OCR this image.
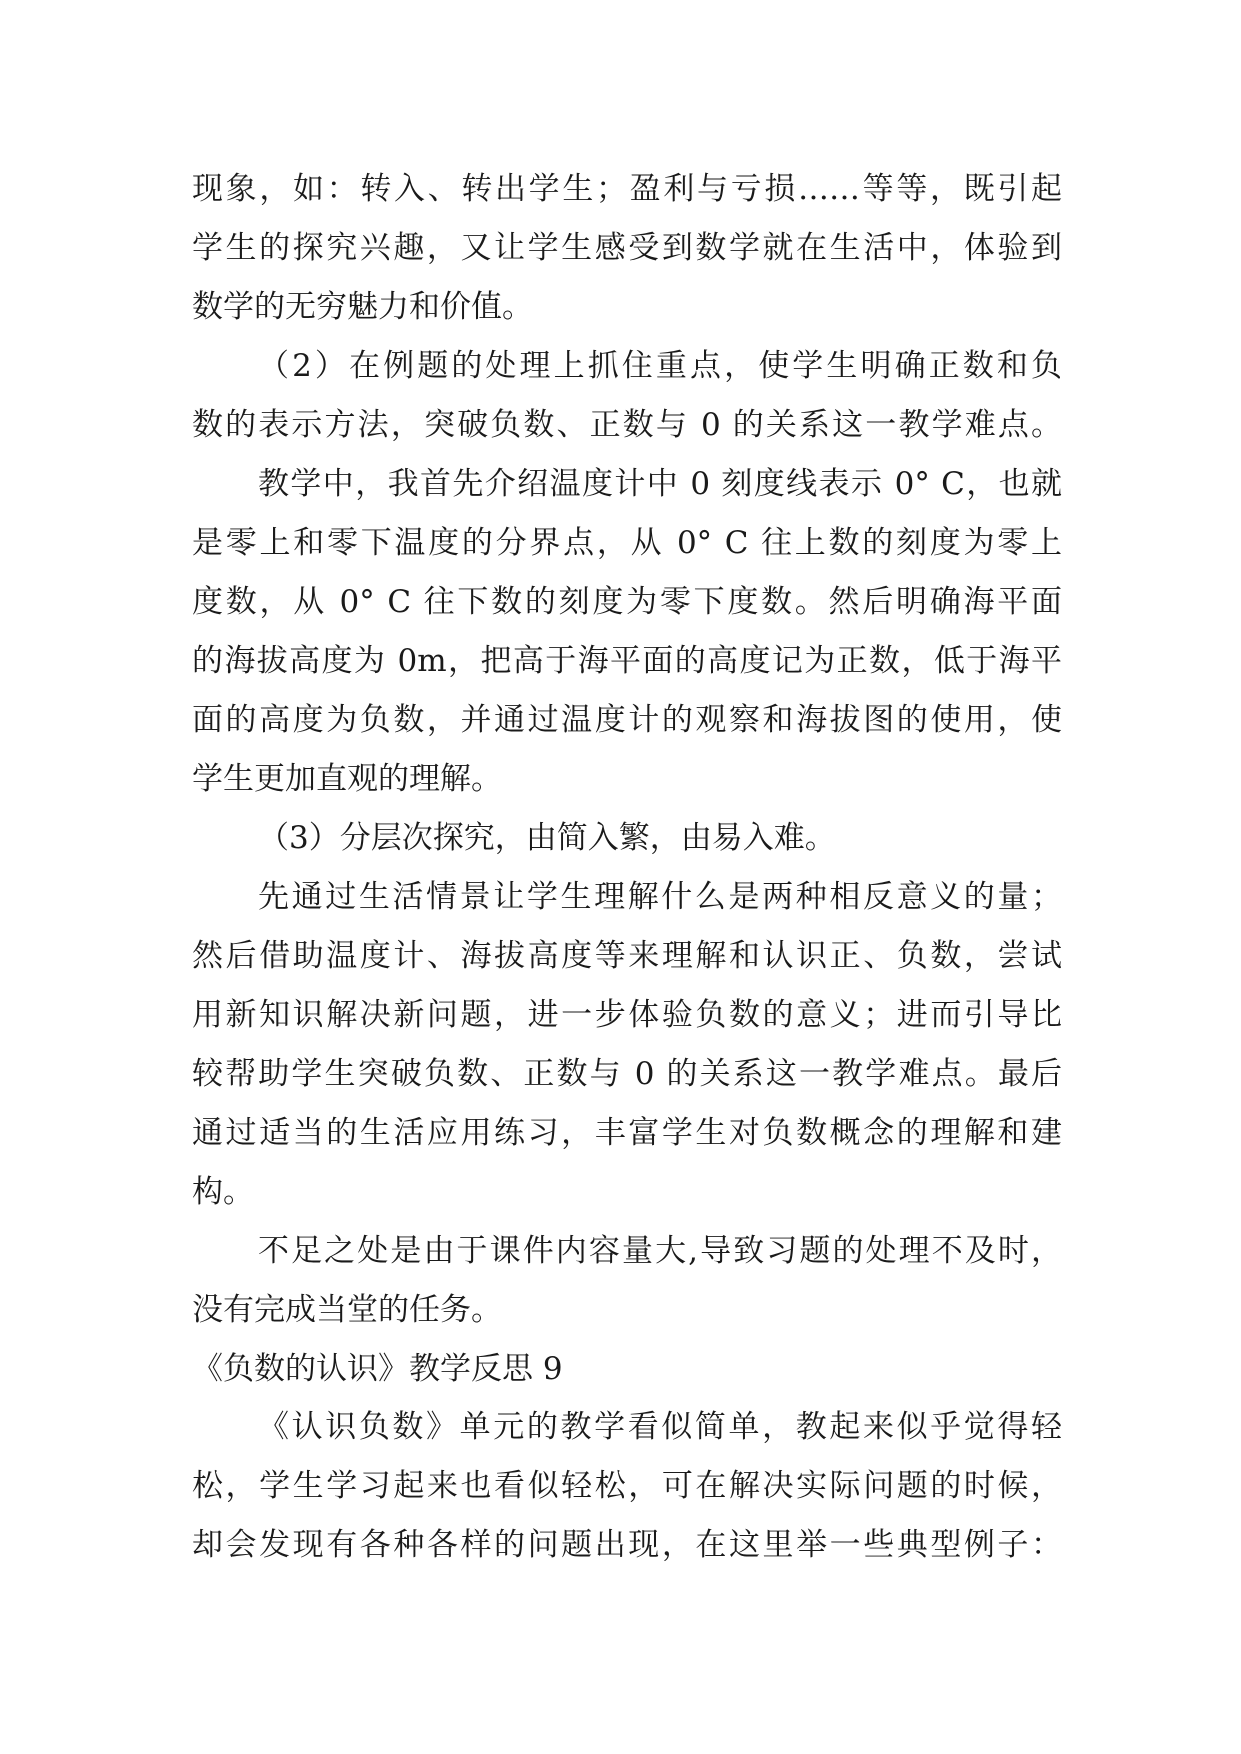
现象，如：转入、转出学生；盈利与亏损……等等，既引起
学生的探究兴趣，又让学生感受到数学就在生活中，体验到
数学的无穷魅力和价值。
（2）在例题的处理上抓住重点，使学生明确正数和负
数的表示方法，突破负数、正数与 0 的关系这一教学难点。
教学中，我首先介绍温度计中 0 刻度线表示 0° C，也就
是零上和零下温度的分界点，从 0° C 往上数的刻度为零上
度数，从 0° C 往下数的刻度为零下度数。然后明确海平面
的海拔高度为 0m，把高于海平面的高度记为正数，低于海平
面的高度为负数，并通过温度计的观察和海拔图的使用，使
学生更加直观的理解。
（3）分层次探究，由简入繁，由易入难。
先通过生活情景让学生理解什么是两种相反意义的量；
然后借助温度计、海拔高度等来理解和认识正、负数，尝试
用新知识解决新问题，进一步体验负数的意义；进而引导比
较帮助学生突破负数、正数与 0 的关系这一教学难点。最后
通过适当的生活应用练习，丰富学生对负数概念的理解和建
构。
不足之处是由于课件内容量大,导致习题的处理不及时，
没有完成当堂的任务。
《负数的认识》教学反思 9
《认识负数》单元的教学看似简单，教起来似乎觉得轻
松，学生学习起来也看似轻松，可在解决实际问题的时候，
却会发现有各种各样的问题出现，在这里举一些典型例子：
